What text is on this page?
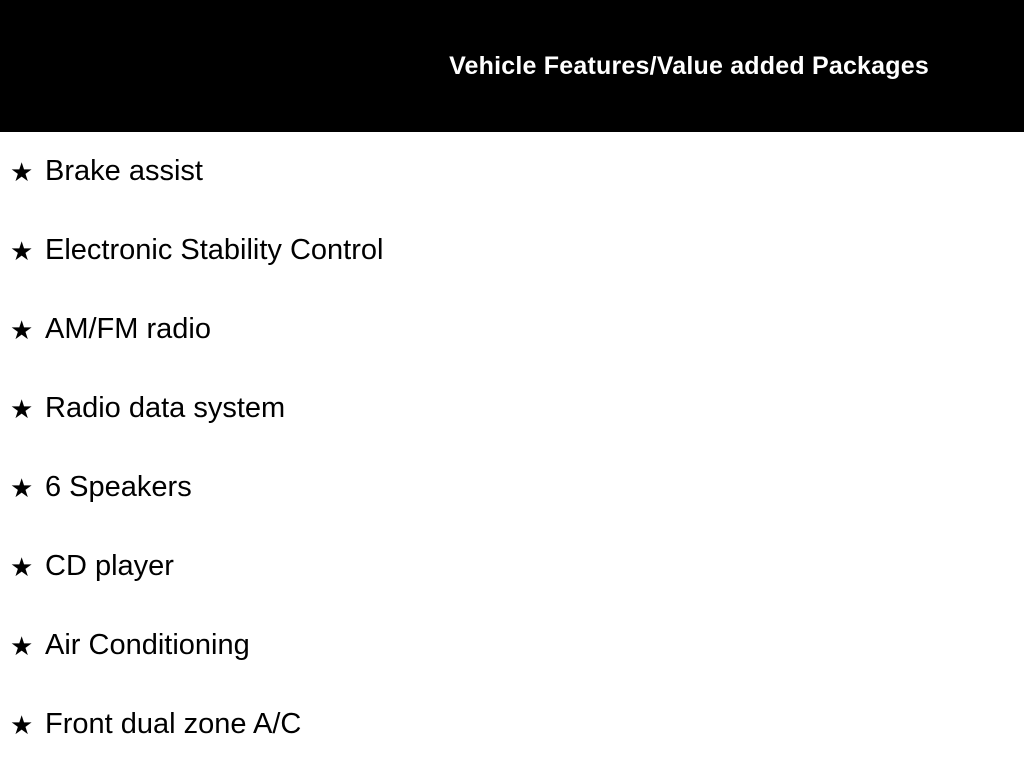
Vehicle Features/Value added Packages
★ Brake assist
★ Electronic Stability Control
★ AM/FM radio
★ Radio data system
★ 6 Speakers
★ CD player
★ Air Conditioning
★ Front dual zone A/C
